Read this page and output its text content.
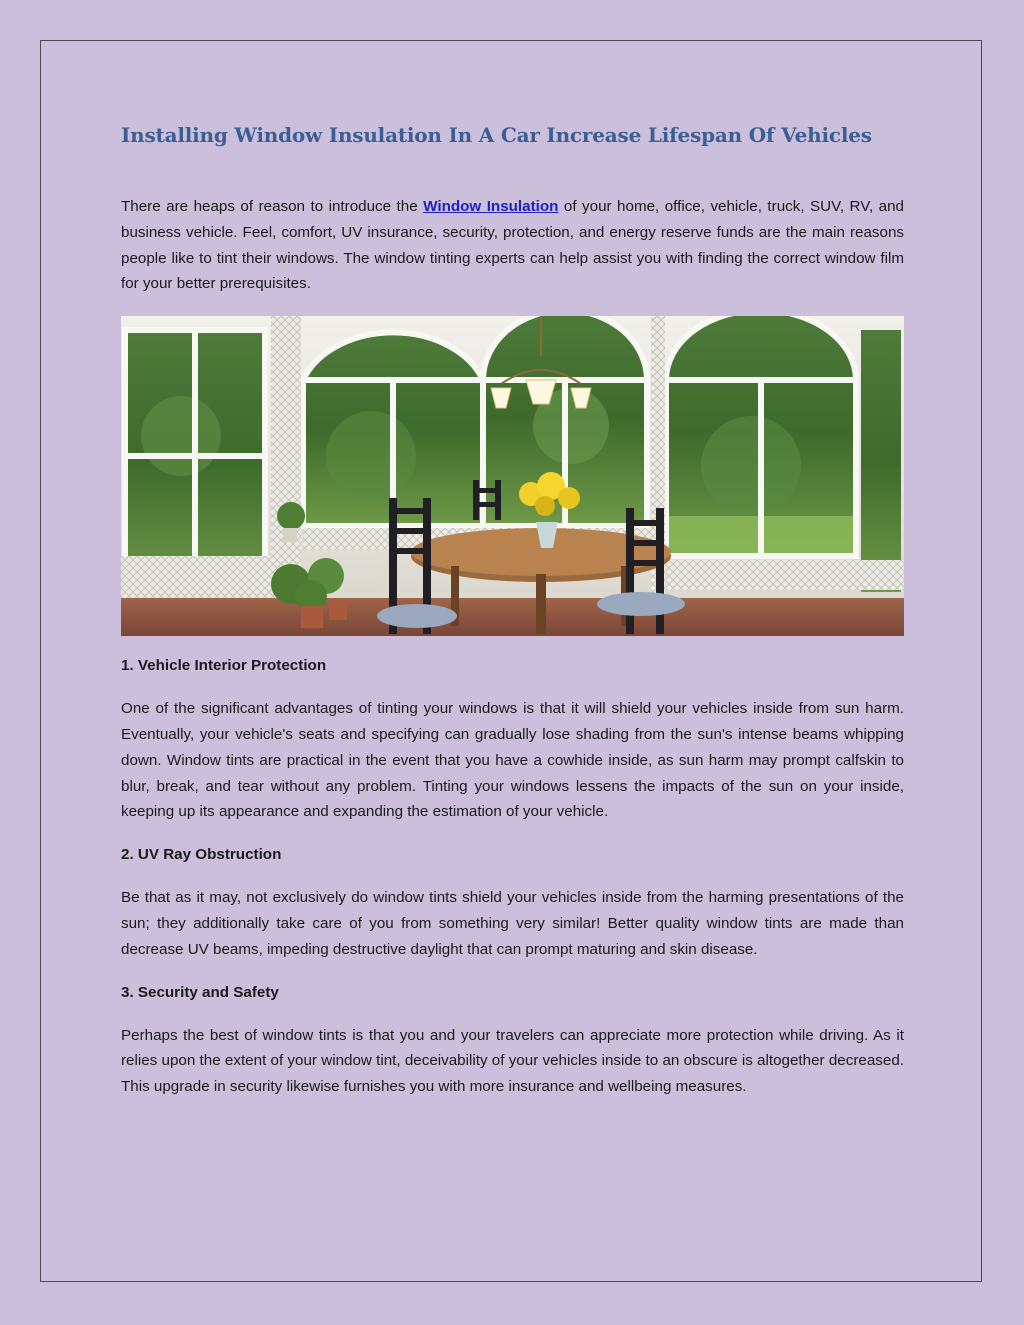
Installing Window Insulation In A Car Increase Lifespan Of Vehicles

There are heaps of reason to introduce the Window Insulation of your home, office, vehicle, truck, SUV, RV, and business vehicle. Feel, comfort, UV insurance, security, protection, and energy reserve funds are the main reasons people like to tint their windows. The window tinting experts can help assist you with finding the correct window film for your better prerequisites.

1. Vehicle Interior Protection

One of the significant advantages of tinting your windows is that it will shield your vehicles inside from sun harm. Eventually, your vehicle's seats and specifying can gradually lose shading from the sun's intense beams whipping down. Window tints are practical in the event that you have a cowhide inside, as sun harm may prompt calfskin to blur, break, and tear without any problem. Tinting your windows lessens the impacts of the sun on your inside, keeping up its appearance and expanding the estimation of your vehicle.

2. UV Ray Obstruction

Be that as it may, not exclusively do window tints shield your vehicles inside from the harming presentations of the sun; they additionally take care of you from something very similar! Better quality window tints are made than decrease UV beams, impeding destructive daylight that can prompt maturing and skin disease.

3. Security and Safety

Perhaps the best of window tints is that you and your travelers can appreciate more protection while driving. As it relies upon the extent of your window tint, deceivability of your vehicles inside to an obscure is altogether decreased. This upgrade in security likewise furnishes you with more insurance and wellbeing measures.
